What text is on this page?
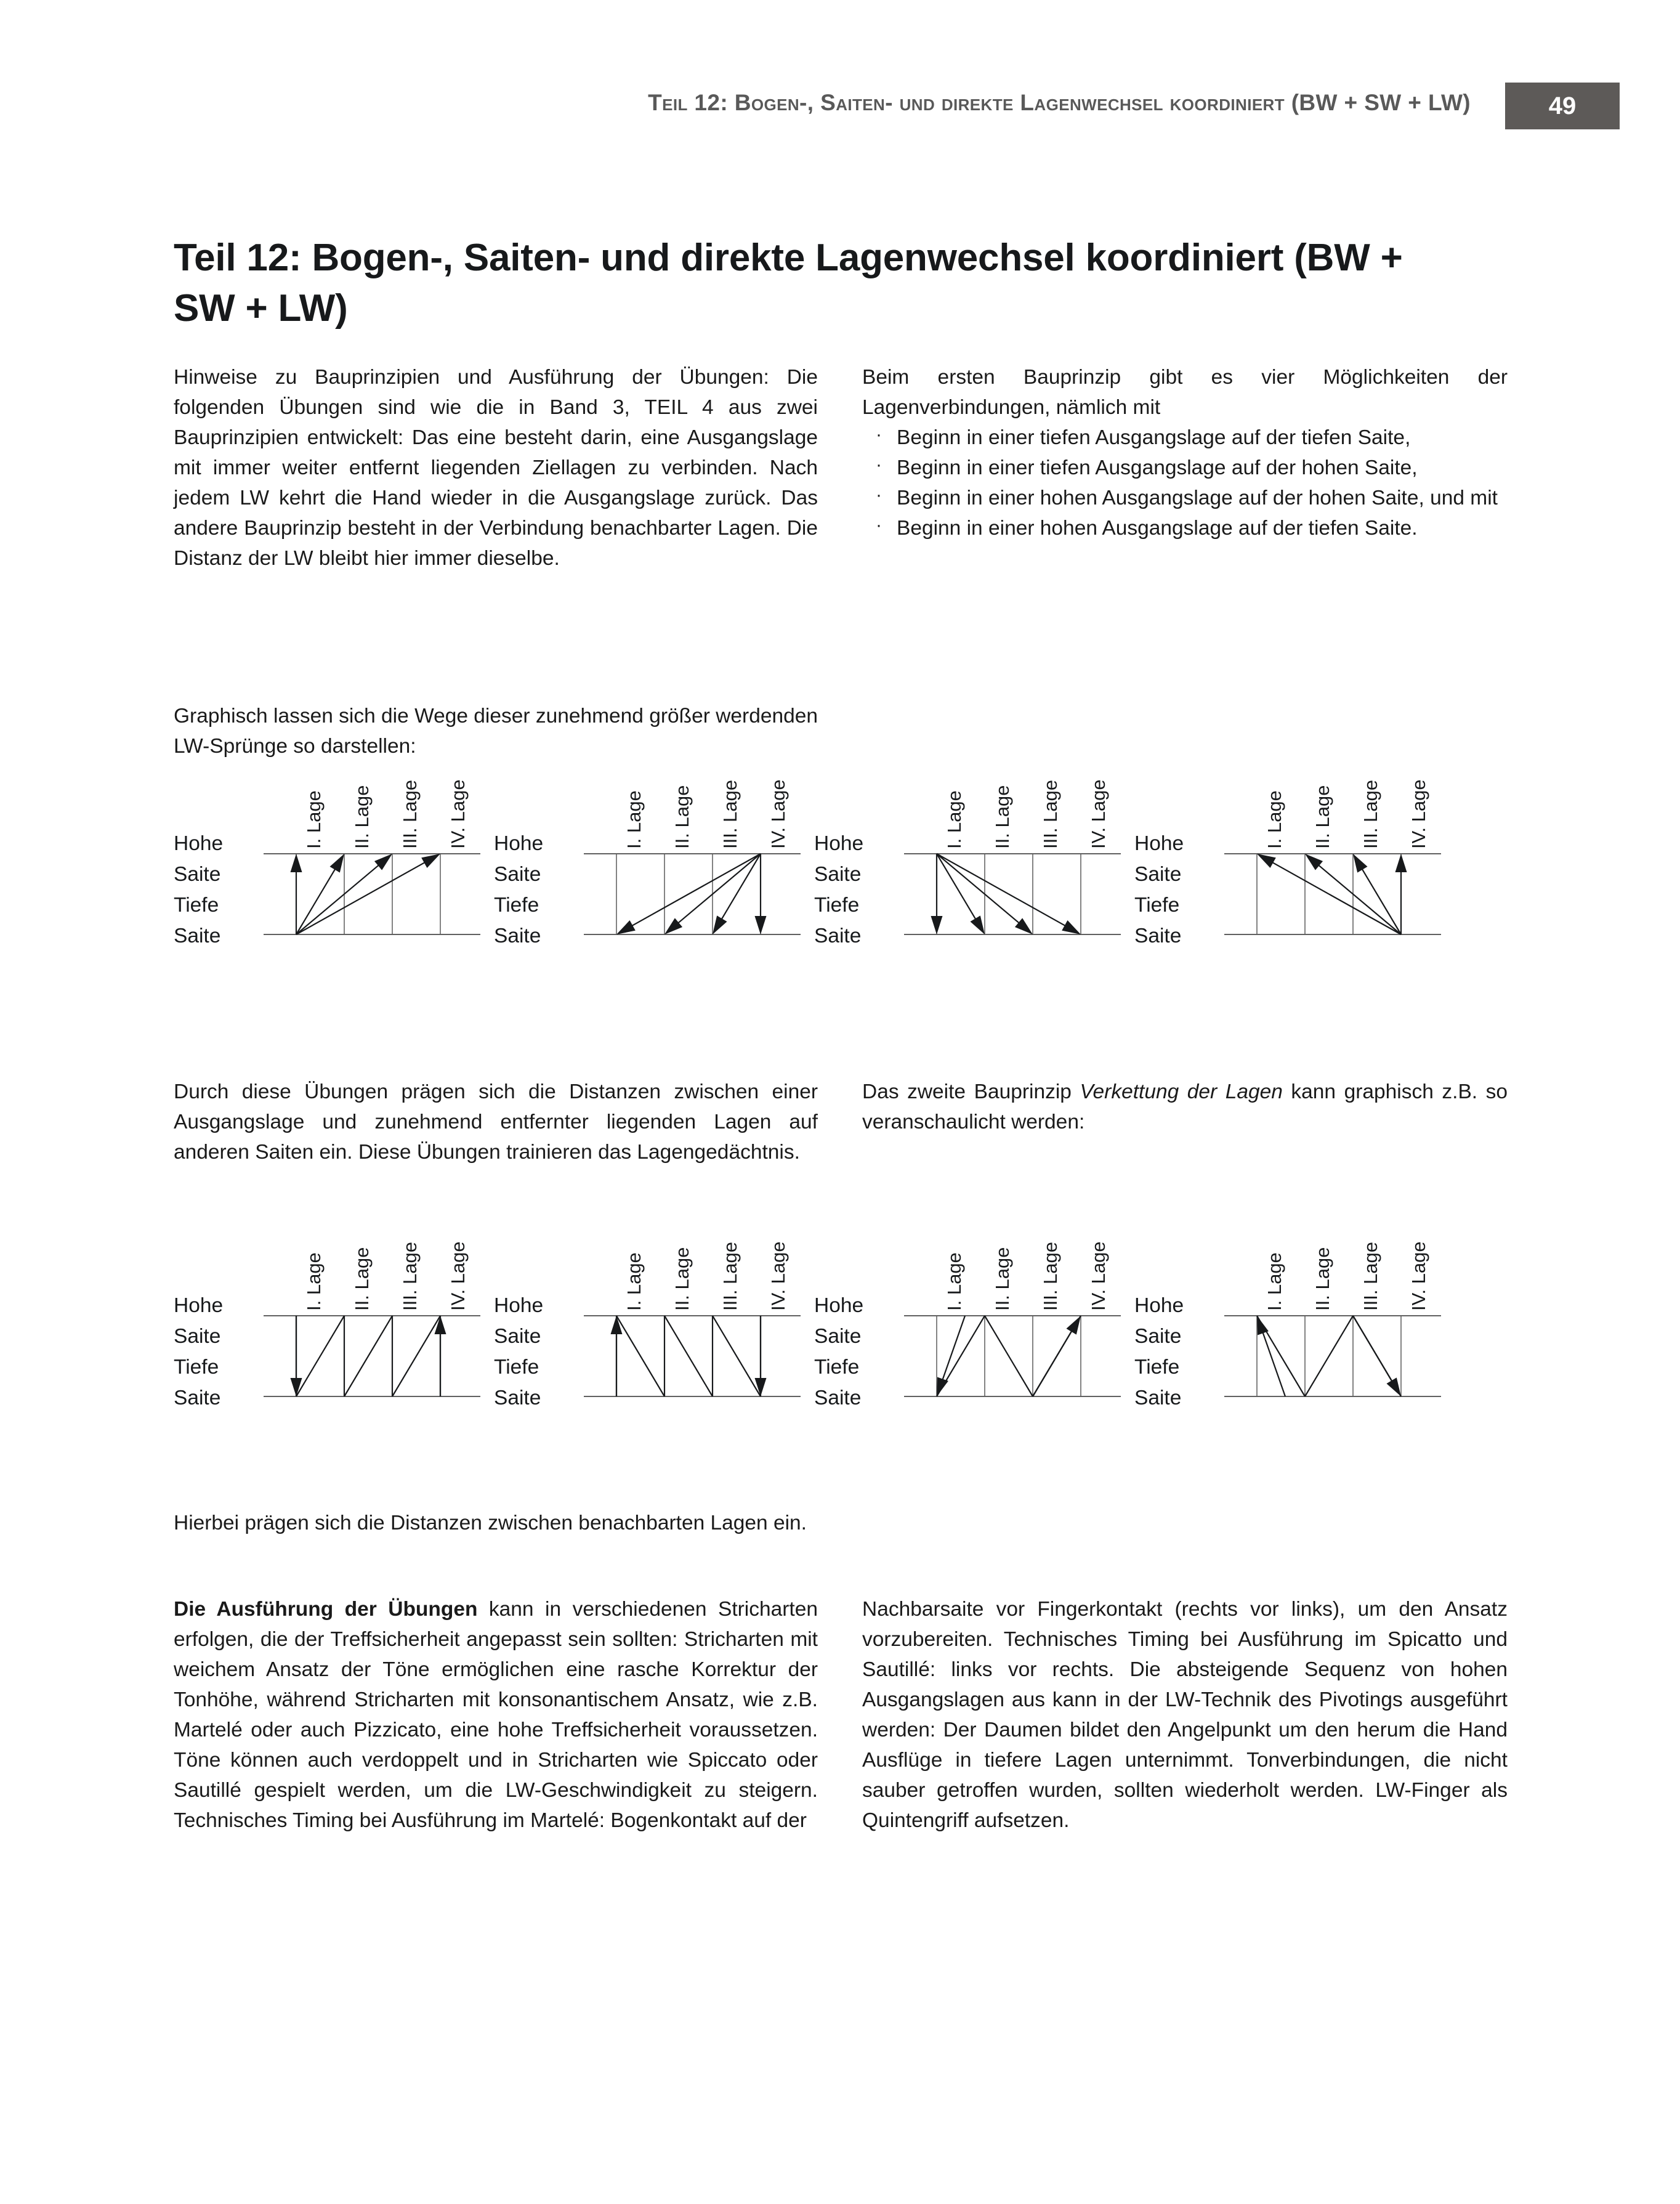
Teil 12: Bogen-, Saiten- und direkte Lagenwechsel koordiniert (BW + SW + LW)	49
Teil 12: Bogen-, Saiten- und direkte Lagenwechsel koordiniert (BW + SW + LW)

Hinweise zu Bauprinzipien und Ausführung der Übungen: Die folgenden Übungen sind wie die in Band 3, TEIL 4 aus zwei Bauprinzipien entwickelt: Das eine besteht darin, eine Ausgangslage mit immer weiter entfernt liegenden Ziellagen zu verbinden. Nach jedem LW kehrt die Hand wieder in die Ausgangslage zurück. Das andere Bauprinzip besteht in der Verbindung benachbarter Lagen. Die Distanz der LW bleibt hier immer dieselbe.

Beim ersten Bauprinzip gibt es vier Möglichkeiten der Lagenverbindungen, nämlich mit

· Beginn in einer tiefen Ausgangslage auf der tiefen Saite,
· Beginn in einer tiefen Ausgangslage auf der hohen Saite,
· Beginn in einer hohen Ausgangslage auf der hohen Saite, und mit
· Beginn in einer hohen Ausgangslage auf der tiefen Saite.

Graphisch lassen sich die Wege dieser zunehmend größer werdenden LW-Sprünge so darstellen:

Hohe
Saite
Tiefe
Saite
I. Lage II. Lage III. Lage IV. Lage Hohe
Saite
Tiefe
Saite
I. Lage II. Lage III. Lage IV. Lage Hohe
Saite
Tiefe
Saite
I. Lage II. Lage III. Lage IV. Lage Hohe
Saite
Tiefe
Saite
I. Lage II. Lage III. Lage IV. Lage

Durch diese Übungen prägen sich die Distanzen zwischen einer Ausgangslage und zunehmend entfernter liegenden Lagen auf anderen Saiten ein. Diese Übungen trainieren das Lagengedächtnis.

Das zweite Bauprinzip Verkettung der Lagen kann graphisch z.B. so veranschaulicht werden:

Hohe
Saite
Tiefe
Saite
I. Lage II. Lage III. Lage IV. Lage Hohe
Saite
Tiefe
Saite
I. Lage II. Lage III. Lage IV. Lage Hohe
Saite
Tiefe
Saite
I. Lage II. Lage III. Lage IV. Lage Hohe
Saite
Tiefe
Saite
I. Lage II. Lage III. Lage IV. Lage

Hierbei prägen sich die Distanzen zwischen benachbarten Lagen ein.

Die Ausführung der Übungen kann in verschiedenen Stricharten erfolgen, die der Treffsicherheit angepasst sein sollten: Stricharten mit weichem Ansatz der Töne ermöglichen eine rasche Korrektur der Tonhöhe, während Stricharten mit konsonantischem Ansatz, wie z.B. Martelé oder auch Pizzicato, eine hohe Treffsicherheit voraussetzen. Töne können auch verdoppelt und in Stricharten wie Spiccato oder Sautillé gespielt werden, um die LW-Geschwindigkeit zu steigern. Technisches Timing bei Ausführung im Martelé: Bogenkontakt auf der

Nachbarsaite vor Fingerkontakt (rechts vor links), um den Ansatz vorzubereiten. Technisches Timing bei Ausführung im Spicatto und Sautillé: links vor rechts. Die absteigende Sequenz von hohen Ausgangslagen aus kann in der LW-Technik des Pivotings ausgeführt werden: Der Daumen bildet den Angelpunkt um den herum die Hand Ausflüge in tiefere Lagen unternimmt. Tonverbindungen, die nicht sauber getroffen wurden, sollten wiederholt werden. LW-Finger als Quintengriff aufsetzen.
